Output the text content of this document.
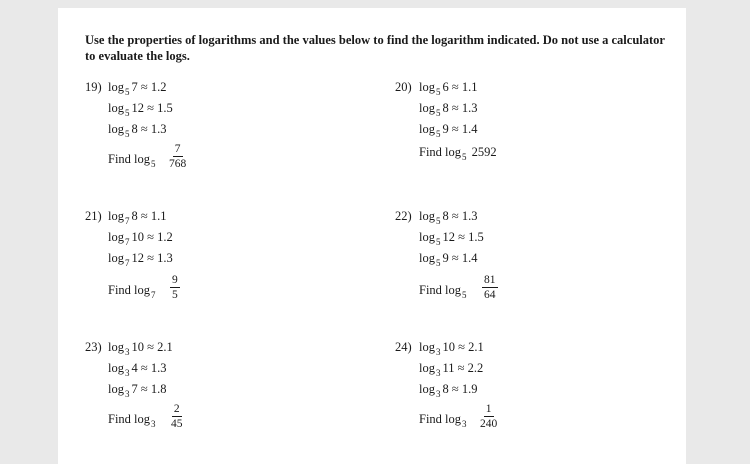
Use the properties of logarithms and the values below to find the logarithm indicated. Do not use a calculator to evaluate the logs.
19) $\log_5 7 \approx 1.2$
$\log_5 12 \approx 1.5$
$\log_5 8 \approx 1.3$
Find $\log_5 \frac{7}{768}$
20) $\log_5 6 \approx 1.1$
$\log_5 8 \approx 1.3$
$\log_5 9 \approx 1.4$
Find $\log_5 2592$
21) $\log_7 8 \approx 1.1$
$\log_7 10 \approx 1.2$
$\log_7 12 \approx 1.3$
Find $\log_7 \frac{9}{5}$
22) $\log_5 8 \approx 1.3$
$\log_5 12 \approx 1.5$
$\log_5 9 \approx 1.4$
Find $\log_5 \frac{81}{64}$
23) $\log_3 10 \approx 2.1$
$\log_3 4 \approx 1.3$
$\log_3 7 \approx 1.8$
Find $\log_3 \frac{2}{45}$
24) $\log_3 10 \approx 2.1$
$\log_3 11 \approx 2.2$
$\log_3 8 \approx 1.9$
Find $\log_3 \frac{1}{240}$
